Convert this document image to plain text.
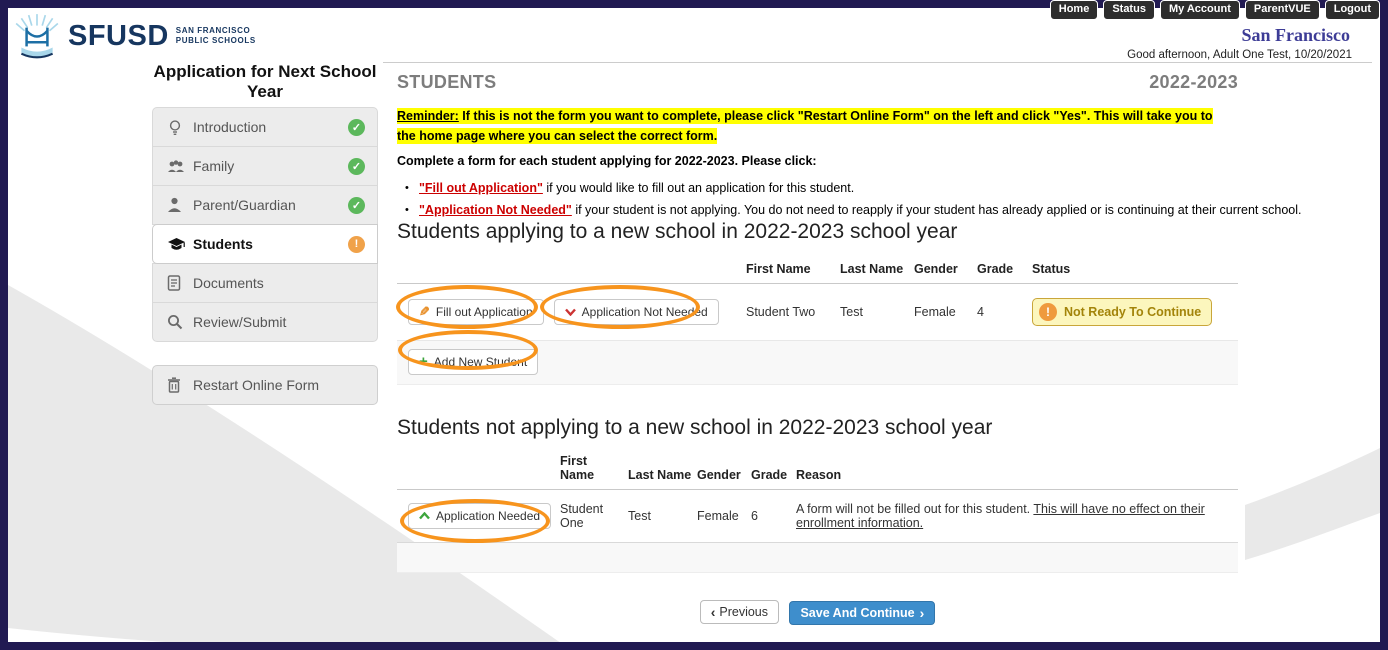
Home	Status	My Account	ParentVUE	Logout
SFUSD SAN FRANCISCO
PUBLIC SCHOOLS	San Francisco
Good afternoon, Adult One Test, 10/20/2021
Application for Next School Year
Introduction	✓
Family	✓
Parent/Guardian	✓
Students	!
Documents
Review/Submit
Restart Online Form
STUDENTS	2022-2023

Reminder: If this is not the form you want to complete, please click "Restart Online Form" on the left and click "Yes". This will take you to the home page where you can select the correct form.

Complete a form for each student applying for 2022-2023. Please click:

• "Fill out Application" if you would like to fill out an application for this student.
• "Application Not Needed" if your student is not applying. You do not need to reapply if your student has already applied or is continuing at their current school.
Students applying to a new school in 2022-2023 school year
	First Name	Last Name	Gender	Grade	Status

✎ Fill out Application Application Not Needed	Student Two	Test	Female	4	! Not Ready To Continue

+ Add New Student					
Students not applying to a new school in 2022-2023 school year
	First Name	Last Name	Gender	Grade	Reason

Application Needed	Student One	Test	Female	6	A form will not be filled out for this student. This will have no effect on their enrollment information.

‹ Previous
	Save And Continue ›
